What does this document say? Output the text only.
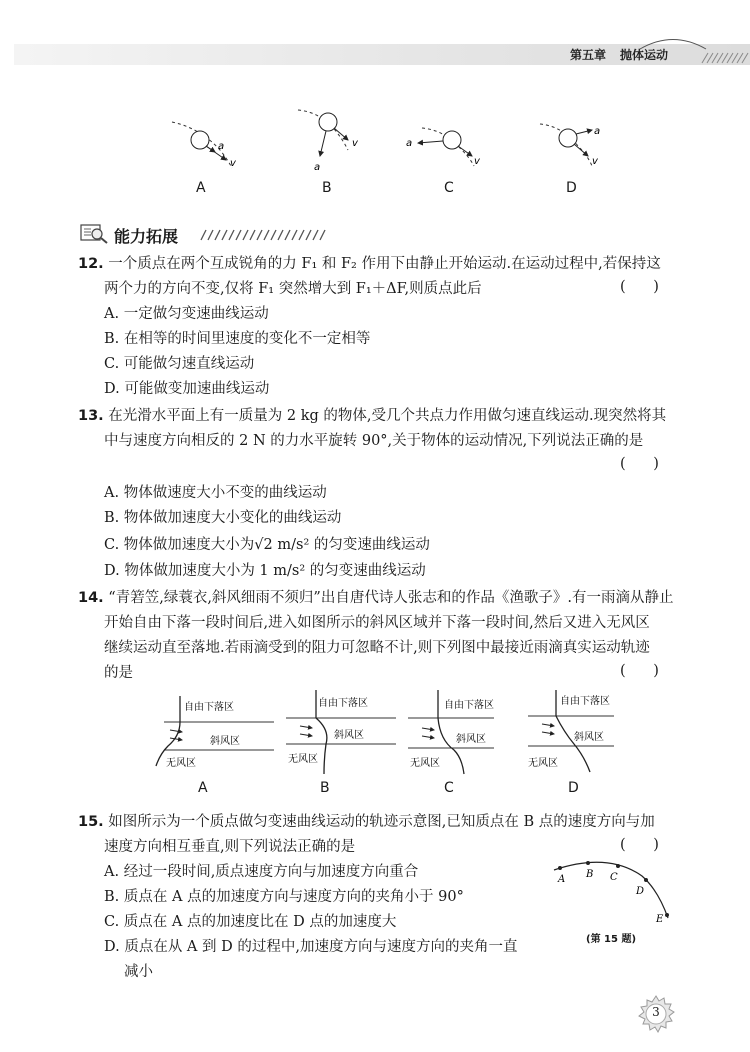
第五章 抛体运动
a
v	a
v	a
v
a
v
A	B	C	D
能力拓展
12. 一个质点在两个互成锐角的力 F₁ 和 F₂ 作用下由静止开始运动.在运动过程中,若保持这
两个力的方向不变,仅将 F₁ 突然增大到 F₁＋ΔF,则质点此后	(      )
A. 一定做匀变速曲线运动
B. 在相等的时间里速度的变化不一定相等
C. 可能做匀速直线运动
D. 可能做变加速曲线运动
13. 在光滑水平面上有一质量为 2 kg 的物体,受几个共点力作用做匀速直线运动.现突然将其
中与速度方向相反的 2 N 的力水平旋转 90°,关于物体的运动情况,下列说法正确的是
(      )
A. 物体做速度大小不变的曲线运动
B. 物体做加速度大小变化的曲线运动
C. 物体做加速度大小为√2 m/s² 的匀变速曲线运动
D. 物体做加速度大小为 1 m/s² 的匀变速曲线运动
14. “青箬笠,绿蓑衣,斜风细雨不须归”出自唐代诗人张志和的作品《渔歌子》.有一雨滴从静止
开始自由下落一段时间后,进入如图所示的斜风区域并下落一段时间,然后又进入无风区
继续运动直至落地.若雨滴受到的阻力可忽略不计,则下列图中最接近雨滴真实运动轨迹
的是	(      )
自由下落区
斜风区
无风区
自由下落区
斜风区
无风区
自由下落区
斜风区
无风区
自由下落区
斜风区
无风区
A	B	C	D
15. 如图所示为一个质点做匀变速曲线运动的轨迹示意图,已知质点在 B 点的速度方向与加
速度方向相互垂直,则下列说法正确的是	(      )
A. 经过一段时间,质点速度方向与加速度方向重合
B. 质点在 A 点的加速度方向与速度方向的夹角小于 90°
C. 质点在 A 点的加速度比在 D 点的加速度大
D. 质点在从 A 到 D 的过程中,加速度方向与速度方向的夹角一直
减小
A B C
D
E
(第 15 题)
3
